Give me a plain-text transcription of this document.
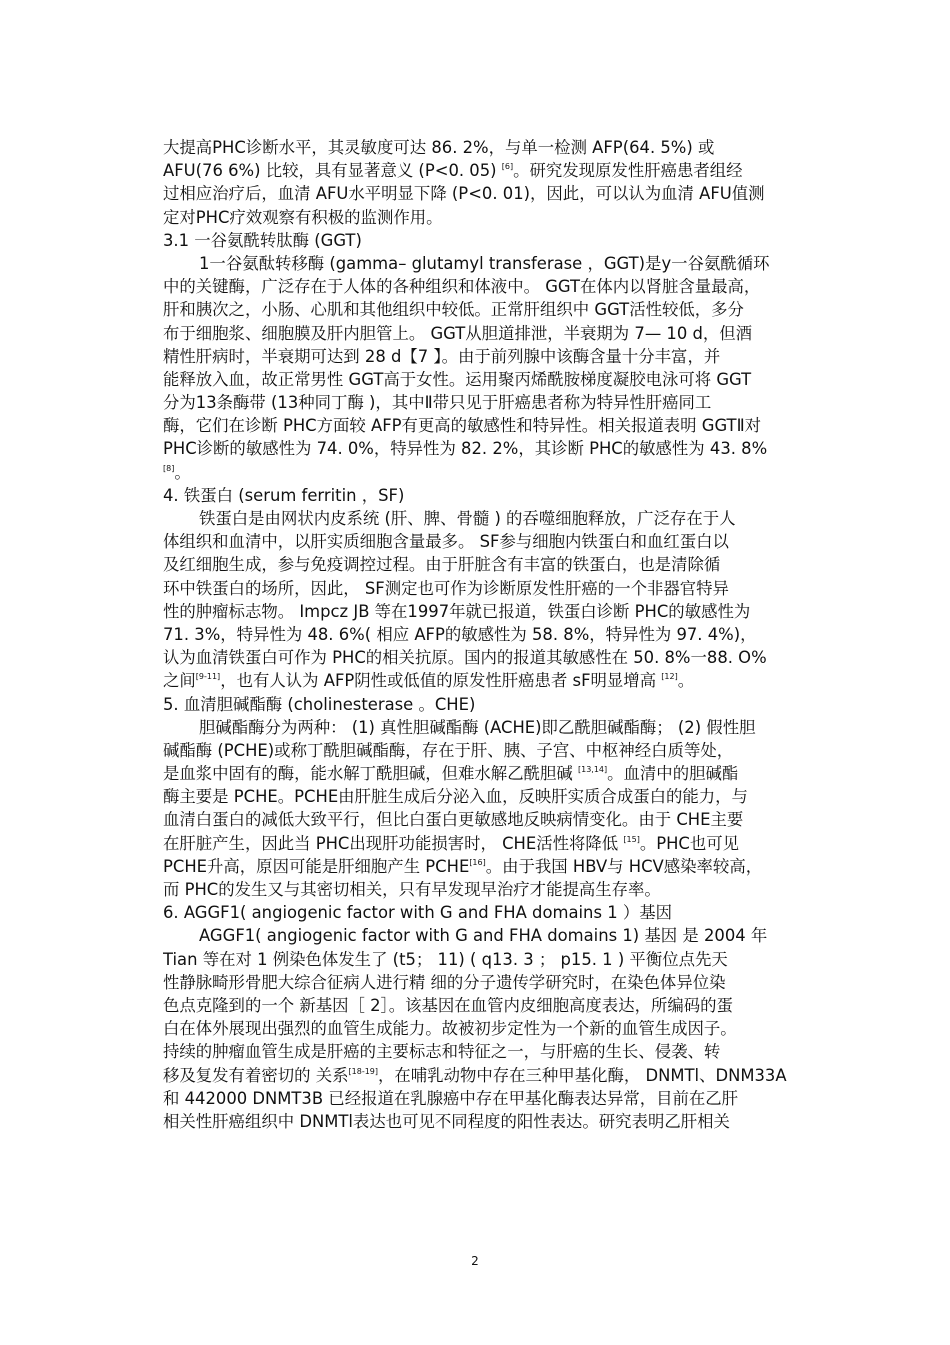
大提高PHC诊断水平，其灵敏度可达 86. 2%，与单一检测 AFP(64. 5%) 或
AFU(76 6%) 比较，具有显著意义 (P<0. 05) [6]。研究发现原发性肝癌患者组经
过相应治疗后，血清 AFU水平明显下降 (P<0. 01)，因此，可以认为血清 AFU值测
定对PHC疗效观察有积极的监测作用。
3.1 一谷氨酰转肽酶 (GGT)
1一谷氨酞转移酶 (gamma– glutamyl transferase ，GGT)是y一谷氨酰循环
中的关键酶，广泛存在于人体的各种组织和体液中。 GGT在体内以肾脏含量最高，
肝和胰次之，小肠、心肌和其他组织中较低。正常肝组织中 GGT活性较低，多分
布于细胞浆、细胞膜及肝内胆管上。 GGT从胆道排泄，半衰期为 7— 10 d，但酒
精性肝病时，半衰期可达到 28 d【7 】。由于前列腺中该酶含量十分丰富，并
能释放入血，故正常男性 GGT高于女性。运用聚丙烯酰胺梯度凝胶电泳可将 GGT
分为13条酶带 (13种同丁酶 )，其中Ⅱ带只见于肝癌患者称为特异性肝癌同工
酶，它们在诊断 PHC方面较 AFP有更高的敏感性和特异性。相关报道表明 GGTⅡ对
PHC诊断的敏感性为 74. 0%，特异性为 82. 2%，其诊断 PHC的敏感性为 43. 8%
[8]。
4. 铁蛋白 (serum ferritin ，SF)
铁蛋白是由网状内皮系统 (肝、脾、骨髓 ) 的吞噬细胞释放，广泛存在于人
体组织和血清中，以肝实质细胞含量最多。 SF参与细胞内铁蛋白和血红蛋白以
及红细胞生成，参与免疫调控过程。由于肝脏含有丰富的铁蛋白，也是清除循
环中铁蛋白的场所，因此， SF测定也可作为诊断原发性肝癌的一个非器官特异
性的肿瘤标志物。 Impcz JB 等在1997年就已报道，铁蛋白诊断 PHC的敏感性为
71. 3%，特异性为 48. 6%( 相应 AFP的敏感性为 58. 8%，特异性为 97. 4%)，
认为血清铁蛋白可作为 PHC的相关抗原。国内的报道其敏感性在 50. 8%一88. O%
之间[9-11]，也有人认为 AFP阴性或低值的原发性肝癌患者 sF明显增高 [12]。
5. 血清胆碱酯酶 (cholinesterase 。CHE)
胆碱酯酶分为两种： (1) 真性胆碱酯酶 (ACHE)即乙酰胆碱酯酶； (2) 假性胆
碱酯酶 (PCHE)或称丁酰胆碱酯酶，存在于肝、胰、子宫、中枢神经白质等处，
是血浆中固有的酶，能水解丁酰胆碱，但难水解乙酰胆碱 [13,14]。血清中的胆碱酯
酶主要是 PCHE。PCHE由肝脏生成后分泌入血，反映肝实质合成蛋白的能力，与
血清白蛋白的减低大致平行，但比白蛋白更敏感地反映病情变化。由于 CHE主要
在肝脏产生，因此当 PHC出现肝功能损害时， CHE活性将降低 [15]。PHC也可见
PCHE升高，原因可能是肝细胞产生 PCHE[16]。由于我国 HBV与 HCV感染率较高，
而 PHC的发生又与其密切相关，只有早发现早治疗才能提高生存率。
6. AGGF1( angiogenic factor with G and FHA domains 1 ）基因
AGGF1( angiogenic factor with G and FHA domains 1) 基因 是 2004 年
Tian 等在对 1 例染色体发生了 (t5； 11) ( q13. 3 ； p15. 1 ) 平衡位点先天
性静脉畸形骨肥大综合征病人进行精 细的分子遗传学研究时，在染色体异位染
色点克隆到的一个 新基因［ 2］。该基因在血管内皮细胞高度表达，所编码的蛋
白在体外展现出强烈的血管生成能力。故被初步定性为一个新的血管生成因子。
持续的肿瘤血管生成是肝癌的主要标志和特征之一，与肝癌的生长、侵袭、转
移及复发有着密切的 关系[18-19]，在哺乳动物中存在三种甲基化酶， DNMTl、DNM33A
和 442000 DNMT3B 已经报道在乳腺癌中存在甲基化酶表达异常，目前在乙肝
相关性肝癌组织中 DNMTl表达也可见不同程度的阳性表达。研究表明乙肝相关
2
